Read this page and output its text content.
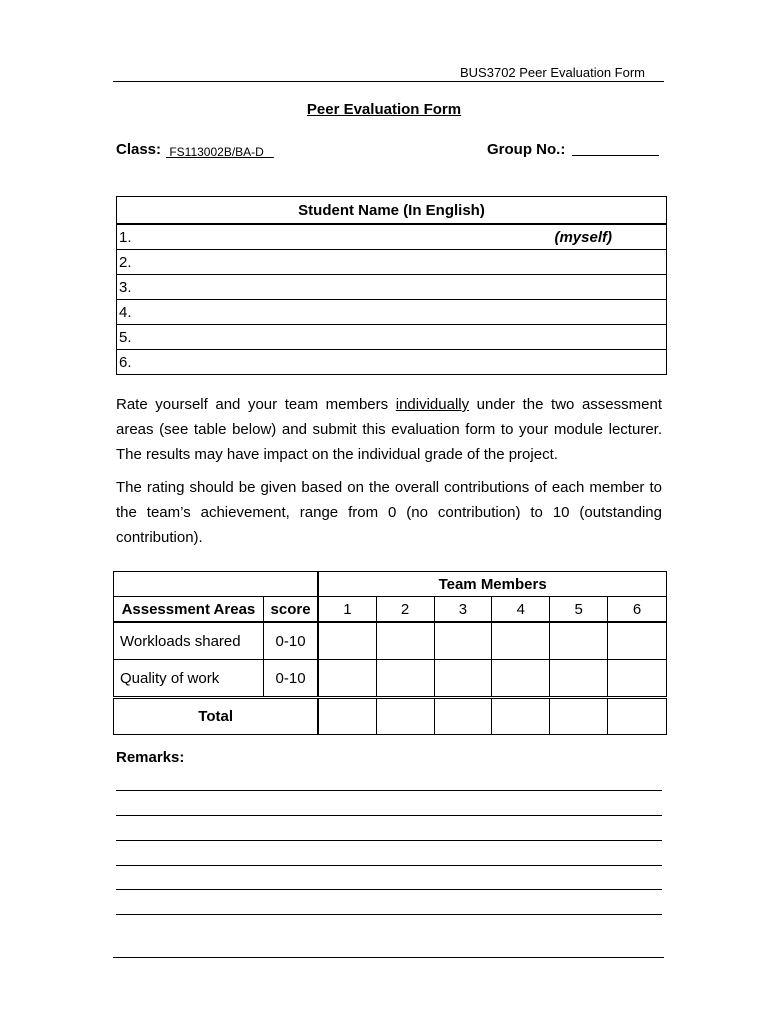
BUS3702 Peer Evaluation Form
Peer Evaluation Form
Class: FS113002B/BA-D	Group No.:
Student Name (In English)
1.	(myself)

2.
3.
4.
5.
6.
Rate yourself and your team members individually under the two assessment areas (see table below) and submit this evaluation form to your module lecturer. The results may have impact on the individual grade of the project.
The rating should be given based on the overall contributions of each member to the team’s achievement, range from 0 (no contribution) to 10 (outstanding contribution).
		Team Members					
Assessment Areas	score	1	2	3	4	5	6
Workloads shared	0-10						
Quality of work	0-10						
Total							
Remarks:
